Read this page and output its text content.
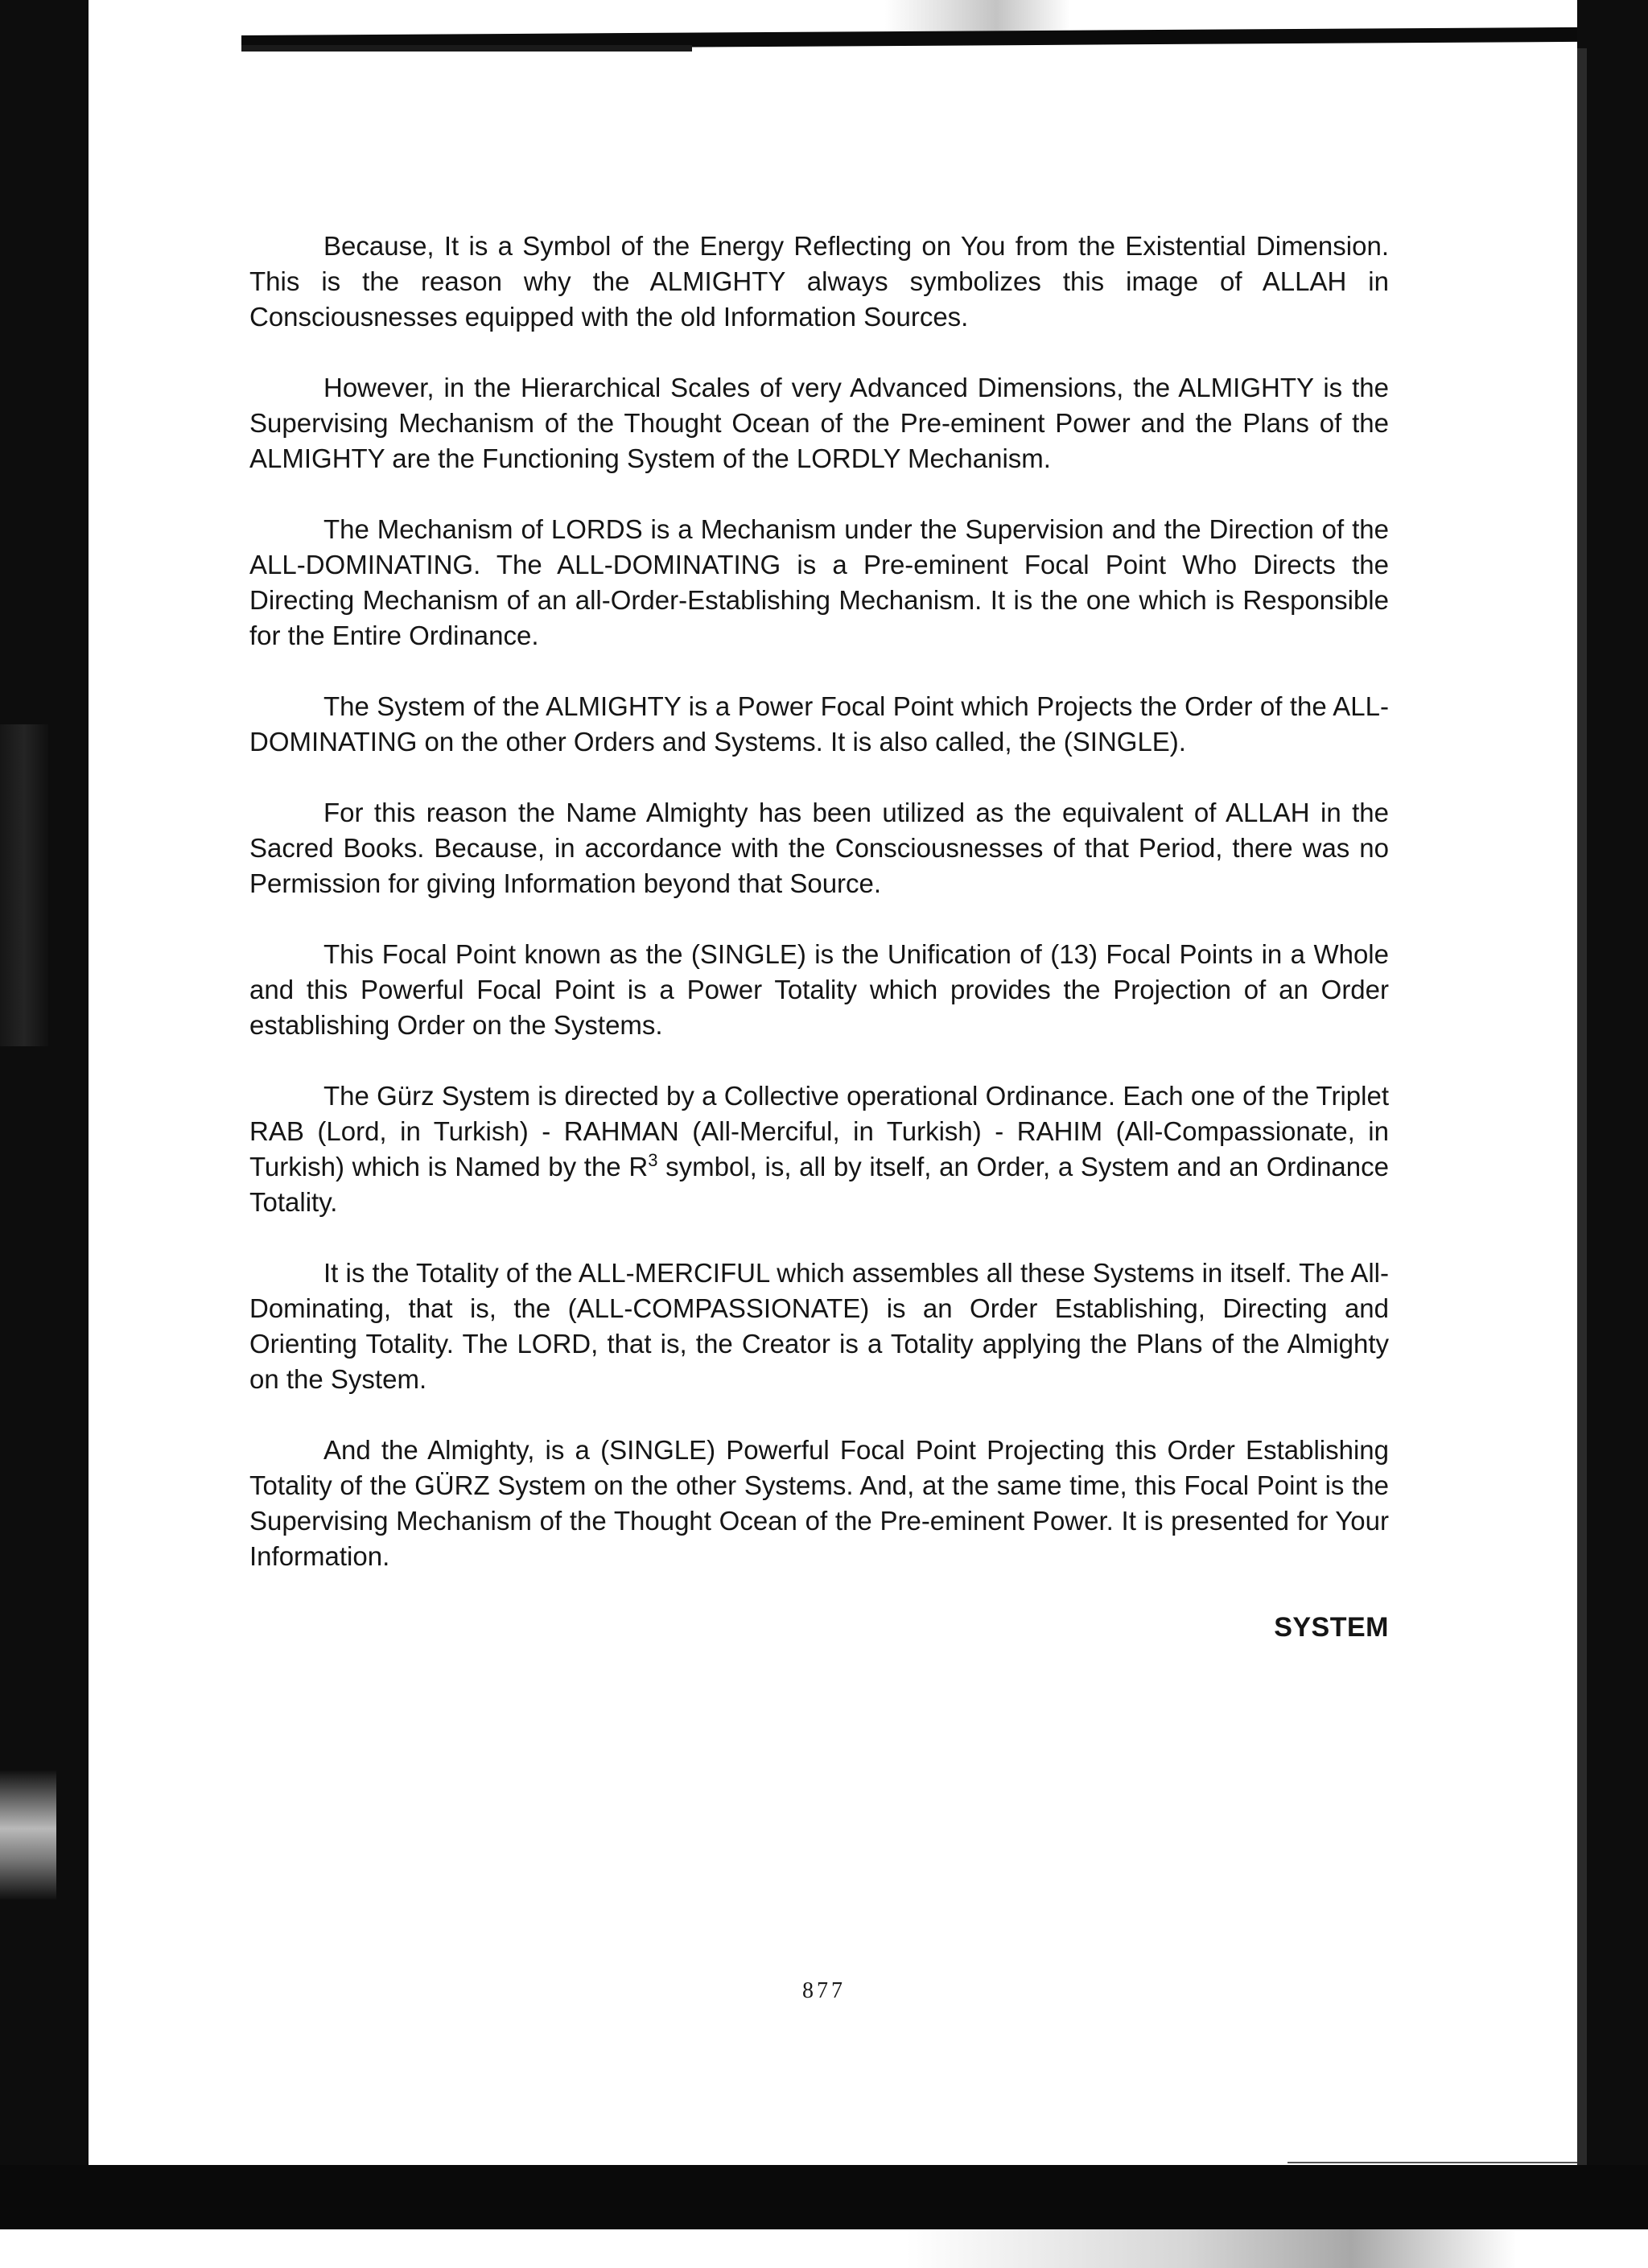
Because, It is a Symbol of the Energy Reflecting on You from the Existential Dimension. This is the reason why the ALMIGHTY always symbolizes this image of ALLAH in Consciousnesses equipped with the old Information Sources.

However, in the Hierarchical Scales of very Advanced Dimensions, the ALMIGHTY is the Supervising Mechanism of the Thought Ocean of the Pre-eminent Power and the Plans of the ALMIGHTY are the Functioning System of the LORDLY Mechanism.

The Mechanism of LORDS is a Mechanism under the Supervision and the Direction of the ALL-DOMINATING. The ALL-DOMINATING is a Pre-eminent Focal Point Who Directs the Directing Mechanism of an all-Order-Establishing Mechanism. It is the one which is Responsible for the Entire Ordinance.

The System of the ALMIGHTY is a Power Focal Point which Projects the Order of the ALL-DOMINATING on the other Orders and Systems. It is also called, the (SINGLE).

For this reason the Name Almighty has been utilized as the equivalent of ALLAH in the Sacred Books. Because, in accordance with the Consciousnesses of that Period, there was no Permission for giving Information beyond that Source.

This Focal Point known as the (SINGLE) is the Unification of (13) Focal Points in a Whole and this Powerful Focal Point is a Power Totality which provides the Projection of an Order establishing Order on the Systems.

The Gürz System is directed by a Collective operational Ordinance. Each one of the Triplet RAB (Lord, in Turkish) - RAHMAN (All-Merciful, in Turkish) - RAHIM (All-Compassionate, in Turkish) which is Named by the $R^3$ symbol, is, all by itself, an Order, a System and an Ordinance Totality.

It is the Totality of the ALL-MERCIFUL which assembles all these Systems in itself. The All-Dominating, that is, the (ALL-COMPASSIONATE) is an Order Establishing, Directing and Orienting Totality. The LORD, that is, the Creator is a Totality applying the Plans of the Almighty on the System.

And the Almighty, is a (SINGLE) Powerful Focal Point Projecting this Order Establishing Totality of the GÜRZ System on the other Systems. And, at the same time, this Focal Point is the Supervising Mechanism of the Thought Ocean of the Pre-eminent Power. It is presented for Your Information.

SYSTEM

877
